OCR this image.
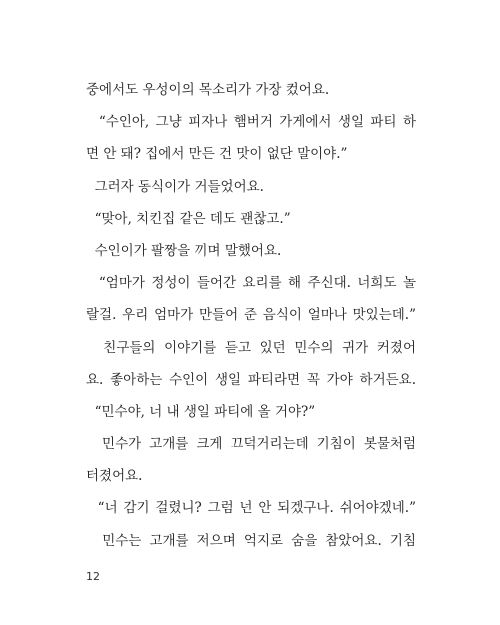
중에서도 우성이의 목소리가 가장 컸어요.
“수인아, 그냥 피자나 햄버거 가게에서 생일 파티 하
면 안 돼? 집에서 만든 건 맛이 없단 말이야.”
그러자 동식이가 거들었어요.
“맞아, 치킨집 같은 데도 괜찮고.”
수인이가 팔짱을 끼며 말했어요.
“엄마가 정성이 들어간 요리를 해 주신대. 너희도 놀
랄걸. 우리 엄마가 만들어 준 음식이 얼마나 맛있는데.”
친구들의 이야기를 듣고 있던 민수의 귀가 커졌어
요. 좋아하는 수인이 생일 파티라면 꼭 가야 하거든요.
“민수야, 너 내 생일 파티에 올 거야?”
민수가 고개를 크게 끄덕거리는데 기침이 봇물처럼
터졌어요.
“너 감기 걸렸니? 그럼 넌 안 되겠구나. 쉬어야겠네.”
민수는 고개를 저으며 억지로 숨을 참았어요. 기침
12
